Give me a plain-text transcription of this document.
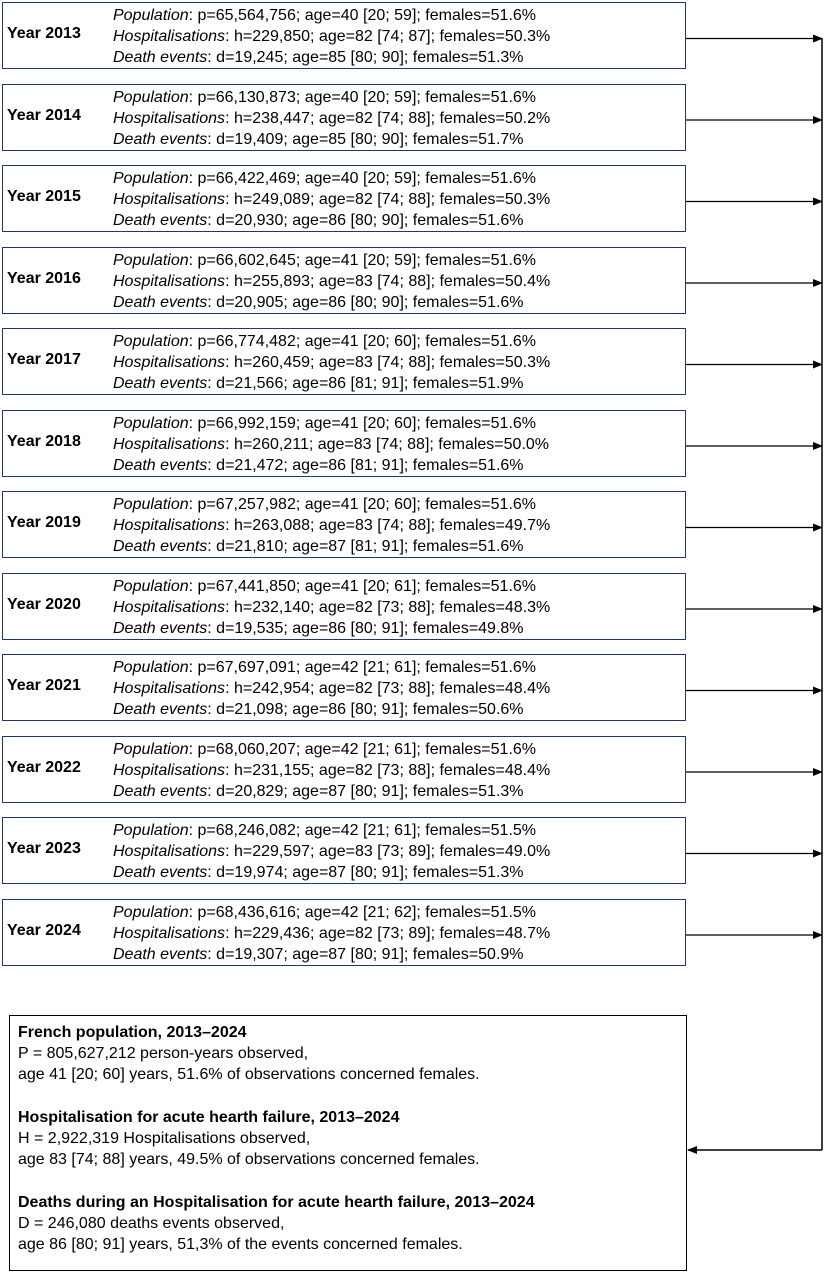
Year 2013
Population: p=65,564,756; age=40 [20; 59]; females=51.6%
Hospitalisations: h=229,850; age=82 [74; 87]; females=50.3%
Death events: d=19,245; age=85 [80; 90]; females=51.3%
Year 2014
Population: p=66,130,873; age=40 [20; 59]; females=51.6%
Hospitalisations: h=238,447; age=82 [74; 88]; females=50.2%
Death events: d=19,409; age=85 [80; 90]; females=51.7%
Year 2015
Population: p=66,422,469; age=40 [20; 59]; females=51.6%
Hospitalisations: h=249,089; age=82 [74; 88]; females=50.3%
Death events: d=20,930; age=86 [80; 90]; females=51.6%
Year 2016
Population: p=66,602,645; age=41 [20; 59]; females=51.6%
Hospitalisations: h=255,893; age=83 [74; 88]; females=50.4%
Death events: d=20,905; age=86 [80; 90]; females=51.6%
Year 2017
Population: p=66,774,482; age=41 [20; 60]; females=51.6%
Hospitalisations: h=260,459; age=83 [74; 88]; females=50.3%
Death events: d=21,566; age=86 [81; 91]; females=51.9%
Year 2018
Population: p=66,992,159; age=41 [20; 60]; females=51.6%
Hospitalisations: h=260,211; age=83 [74; 88]; females=50.0%
Death events: d=21,472; age=86 [81; 91]; females=51.6%
Year 2019
Population: p=67,257,982; age=41 [20; 60]; females=51.6%
Hospitalisations: h=263,088; age=83 [74; 88]; females=49.7%
Death events: d=21,810; age=87 [81; 91]; females=51.6%
Year 2020
Population: p=67,441,850; age=41 [20; 61]; females=51.6%
Hospitalisations: h=232,140; age=82 [73; 88]; females=48.3%
Death events: d=19,535; age=86 [80; 91]; females=49.8%
Year 2021
Population: p=67,697,091; age=42 [21; 61]; females=51.6%
Hospitalisations: h=242,954; age=82 [73; 88]; females=48.4%
Death events: d=21,098; age=86 [80; 91]; females=50.6%
Year 2022
Population: p=68,060,207; age=42 [21; 61]; females=51.6%
Hospitalisations: h=231,155; age=82 [73; 88]; females=48.4%
Death events: d=20,829; age=87 [80; 91]; females=51.3%
Year 2023
Population: p=68,246,082; age=42 [21; 61]; females=51.5%
Hospitalisations: h=229,597; age=83 [73; 89]; females=49.0%
Death events: d=19,974; age=87 [80; 91]; females=51.3%
Year 2024
Population: p=68,436,616; age=42 [21; 62]; females=51.5%
Hospitalisations: h=229,436; age=82 [73; 89]; females=48.7%
Death events: d=19,307; age=87 [80; 91]; females=50.9%
French population, 2013–2024
P = 805,627,212 person-years observed,
age 41 [20; 60] years, 51.6% of observations concerned females.
Hospitalisation for acute hearth failure, 2013–2024
H = 2,922,319 Hospitalisations observed,
age 83 [74; 88] years, 49.5% of observations concerned females.
Deaths during an Hospitalisation for acute hearth failure, 2013–2024
D = 246,080 deaths events observed,
age 86 [80; 91] years, 51,3% of the events concerned females.
